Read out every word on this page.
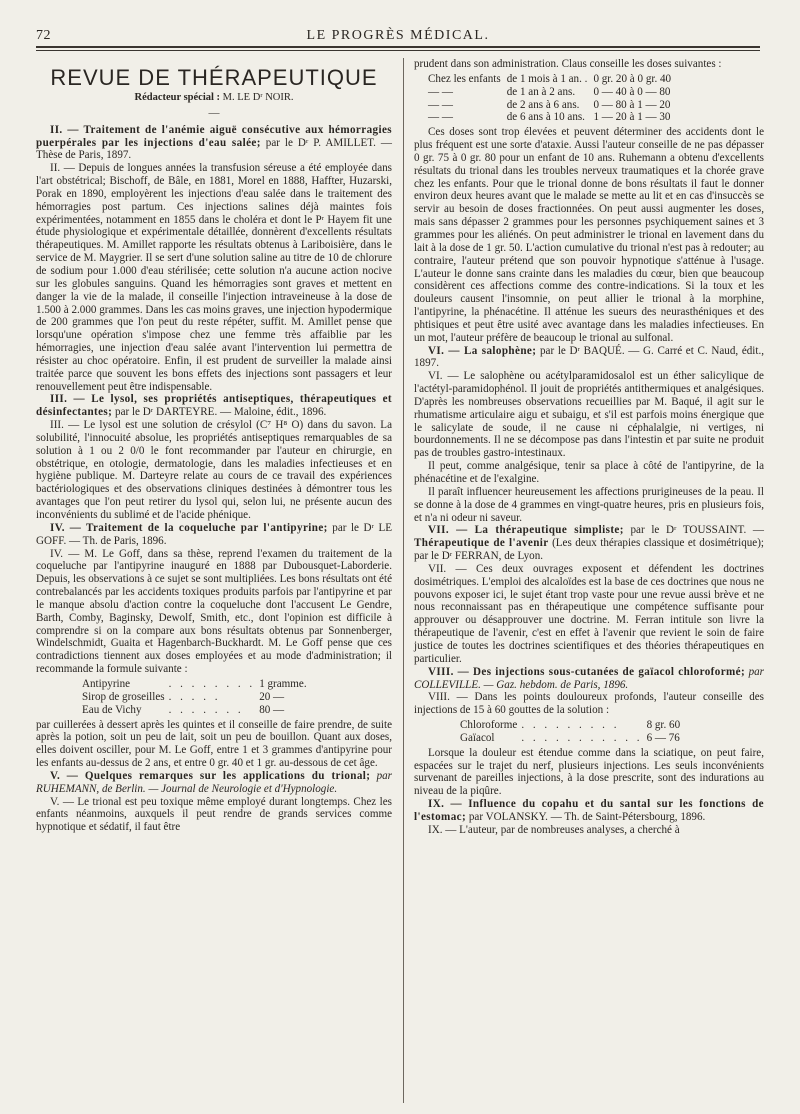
72	LE PROGRÈS MÉDICAL.
REVUE DE THÉRAPEUTIQUE
Rédacteur spécial : M. LE Dʳ NOIR.
—

II. — Traitement de l'anémie aiguë consécutive aux hémorragies puerpérales par les injections d'eau salée; par le Dʳ P. AMILLET. — Thèse de Paris, 1897.

II. — Depuis de longues années la transfusion séreuse a été employée dans l'art obstétrical; Bischoff, de Bâle, en 1881, Morel en 1888, Haffter, Huzarski, Porak en 1890, employèrent les injections d'eau salée dans le traitement des hémorragies post partum. Ces injections salines déjà maintes fois expérimentées, notamment en 1855 dans le choléra et dont le Pʳ Hayem fit une étude physiologique et expérimentale détaillée, donnèrent d'excellents résultats thérapeutiques. M. Amillet rapporte les résultats obtenus à Lariboisière, dans le service de M. Maygrier. Il se sert d'une solution saline au titre de 10 de chlorure de sodium pour 1.000 d'eau stérilisée; cette solution n'a aucune action nocive sur les globules sanguins. Quand les hémorragies sont graves et mettent en danger la vie de la malade, il conseille l'injection intraveineuse à la dose de 1.500 à 2.000 grammes. Dans les cas moins graves, une injection hypodermique de 200 grammes que l'on peut du reste répéter, suffit. M. Amillet pense que lorsqu'une opération s'impose chez une femme très affaiblie par les hémorragies, une injection d'eau salée avant l'intervention lui permettra de résister au choc opératoire. Enfin, il est prudent de surveiller la malade ainsi traitée parce que souvent les bons effets des injections sont passagers et leur renouvellement peut être indispensable.

III. — Le lysol, ses propriétés antiseptiques, thérapeutiques et désinfectantes; par le Dʳ DARTEYRE. — Maloine, édit., 1896.

III. — Le lysol est une solution de crésylol (C⁷ H⁸ O) dans du savon. La solubilité, l'innocuité absolue, les propriétés antiseptiques remarquables de sa solution à 1 ou 2 0/0 le font recommander par l'auteur en chirurgie, en obstétrique, en otologie, dermatologie, dans les maladies infectieuses et en hygiène publique. M. Darteyre relate au cours de ce travail des expériences bactériologiques et des observations cliniques destinées à démontrer tous les avantages que l'on peut retirer du lysol qui, selon lui, ne présente aucun des inconvénients du sublimé et de l'acide phénique.

IV. — Traitement de la coqueluche par l'antipyrine; par le Dʳ LE GOFF. — Th. de Paris, 1896.

IV. — M. Le Goff, dans sa thèse, reprend l'examen du traitement de la coqueluche par l'antipyrine inauguré en 1888 par Dubousquet-Laborderie. Depuis, les observations à ce sujet se sont multipliées. Les bons résultats ont été contrebalancés par les accidents toxiques produits parfois par l'antipyrine et par le manque absolu d'action contre la coqueluche dont l'accusent Le Gendre, Barth, Comby, Baginsky, Dewolf, Smith, etc., dont l'opinion est difficile à comprendre si on la compare aux bons résultats obtenus par Sonnenberger, Windelschmidt, Guaita et Hagenbarch-Buckhardt. M. Le Goff pense que ces contradictions tiennent aux doses employées et au mode d'administration; il recommande la formule suivante :

Antipyrine	. . . . . . . .	1 gramme.
Sirop de groseilles	. . . . .	20 —
Eau de Vichy	. . . . . . .	80 —

par cuillerées à dessert après les quintes et il conseille de faire prendre, de suite après la potion, soit un peu de lait, soit un peu de bouillon. Quant aux doses, elles doivent osciller, pour M. Le Goff, entre 1 et 3 grammes d'antipyrine pour les enfants au-dessus de 2 ans, et entre 0 gr. 40 et 1 gr. au-dessous de cet âge.

V. — Quelques remarques sur les applications du trional; par RUHEMANN, de Berlin. — Journal de Neurologie et d'Hypnologie.

V. — Le trional est peu toxique même employé durant longtemps. Chez les enfants néanmoins, auxquels il peut rendre de grands services comme hypnotique et sédatif, il faut être

prudent dans son administration. Claus conseille les doses suivantes :

Chez les enfants	de 1 mois à 1 an. .	0 gr. 20 à 0 gr. 40
— —	de 1 an à 2 ans.	0 — 40 à 0 — 80
— —	de 2 ans à 6 ans.	0 — 80 à 1 — 20
— —	de 6 ans à 10 ans.	1 — 20 à 1 — 30

Ces doses sont trop élevées et peuvent déterminer des accidents dont le plus fréquent est une sorte d'ataxie. Aussi l'auteur conseille de ne pas dépasser 0 gr. 75 à 0 gr. 80 pour un enfant de 10 ans. Ruhemann a obtenu d'excellents résultats du trional dans les troubles nerveux traumatiques et la chorée grave chez les enfants. Pour que le trional donne de bons résultats il faut le donner environ deux heures avant que le malade se mette au lit et en cas d'insuccès se servir au besoin de doses fractionnées. On peut aussi augmenter les doses, mais sans dépasser 2 grammes pour les personnes psychiquement saines et 3 grammes pour les aliénés. On peut administrer le trional en lavement dans du lait à la dose de 1 gr. 50. L'action cumulative du trional n'est pas à redouter; au contraire, l'auteur prétend que son pouvoir hypnotique s'atténue à l'usage. L'auteur le donne sans crainte dans les maladies du cœur, bien que beaucoup considèrent ces affections comme des contre-indications. Si la toux et les douleurs causent l'insomnie, on peut allier le trional à la morphine, l'antipyrine, la phénacétine. Il atténue les sueurs des neurasthéniques et des phtisiques et peut être usité avec avantage dans les maladies infectieuses. En un mot, l'auteur préfère de beaucoup le trional au sulfonal.

VI. — La salophène; par le Dʳ BAQUÉ. — G. Carré et C. Naud, édit., 1897.

VI. — Le salophène ou acétylparamidosalol est un éther salicylique de l'actétyl-paramidophénol. Il jouit de propriétés antithermiques et analgésiques. D'après les nombreuses observations recueillies par M. Baqué, il agit sur le rhumatisme articulaire aigu et subaigu, et s'il est parfois moins énergique que le salicylate de soude, il ne cause ni céphalalgie, ni vertiges, ni bourdonnements. Il ne se décompose pas dans l'intestin et par suite ne produit pas de troubles gastro-intestinaux.

Il peut, comme analgésique, tenir sa place à côté de l'antipyrine, de la phénacétine et de l'exalgine.

Il paraît influencer heureusement les affections prurigineuses de la peau. Il se donne à la dose de 4 grammes en vingt-quatre heures, pris en plusieurs fois, et n'a ni odeur ni saveur.

VII. — La thérapeutique simpliste; par le Dʳ TOUSSAINT. — Thérapeutique de l'avenir (Les deux thérapies classique et dosimétrique); par le Dʳ FERRAN, de Lyon.

VII. — Ces deux ouvrages exposent et défendent les doctrines dosimétriques. L'emploi des alcaloïdes est la base de ces doctrines que nous ne pouvons exposer ici, le sujet étant trop vaste pour une revue aussi brève et ne nous reconnaissant pas en thérapeutique une compétence suffisante pour approuver ou désapprouver une doctrine. M. Ferran intitule son livre la thérapeutique de l'avenir, c'est en effet à l'avenir que revient le soin de faire justice de toutes les doctrines scientifiques et des théories thérapeutiques en particulier.

VIII. — Des injections sous-cutanées de gaïacol chloroformé; par COLLEVILLE. — Gaz. hebdom. de Paris, 1896.

VIII. — Dans les points douloureux profonds, l'auteur conseille des injections de 15 à 60 gouttes de la solution :

Chloroforme	. . . . . . . . .	8 gr. 60
Gaïacol	. . . . . . . . . . .	6 — 76

Lorsque la douleur est étendue comme dans la sciatique, on peut faire, espacées sur le trajet du nerf, plusieurs injections. Les seuls inconvénients survenant de pareilles injections, à la dose prescrite, sont des indurations au niveau de la piqûre.

IX. — Influence du copahu et du santal sur les fonctions de l'estomac; par VOLANSKY. — Th. de Saint-Pétersbourg, 1896.

IX. — L'auteur, par de nombreuses analyses, a cherché à
